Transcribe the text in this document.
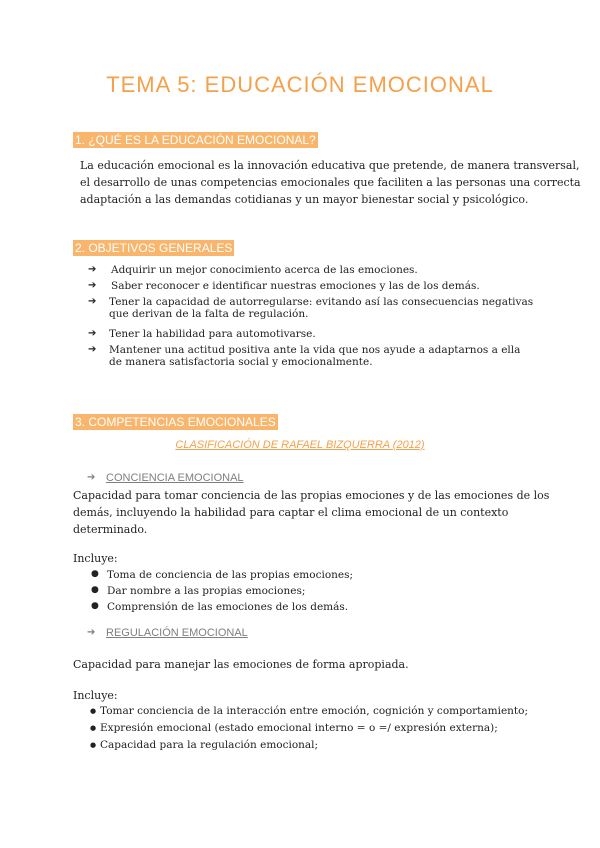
TEMA 5: EDUCACIÓN EMOCIONAL
1. ¿QUÉ ES LA EDUCACIÓN EMOCIONAL?

La educación emocional es la innovación educativa que pretende, de manera transversal,
el desarrollo de unas competencias emocionales que faciliten a las personas una correcta
adaptación a las demandas cotidianas y un mayor bienestar social y psicológico.

2. OBJETIVOS GENERALES
➔ Adquirir un mejor conocimiento acerca de las emociones.
➔ Saber reconocer e identificar nuestras emociones y las de los demás.
➔ Tener la capacidad de autorregularse: evitando así las consecuencias negativas
que derivan de la falta de regulación.
➔ Tener la habilidad para automotivarse.
➔ Mantener una actitud positiva ante la vida que nos ayude a adaptarnos a ella
de manera satisfactoria social y emocionalmente.
3. COMPETENCIAS EMOCIONALES
CLASIFICACIÓN DE RAFAEL BIZQUERRA (2012)
➔ CONCIENCIA EMOCIONAL

Capacidad para tomar conciencia de las propias emociones y de las emociones de los
demás, incluyendo la habilidad para captar el clima emocional de un contexto
determinado.

Incluye:

● Toma de conciencia de las propias emociones;
● Dar nombre a las propias emociones;
● Comprensión de las emociones de los demás.
➔ REGULACIÓN EMOCIONAL

Capacidad para manejar las emociones de forma apropiada.

Incluye:

● Tomar conciencia de la interacción entre emoción, cognición y comportamiento;
● Expresión emocional (estado emocional interno = o =/ expresión externa);
● Capacidad para la regulación emocional;
